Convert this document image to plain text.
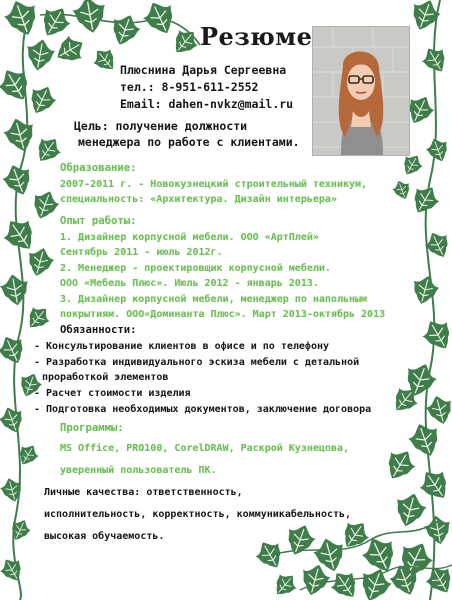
Резюме
Плюснина Дарья Сергеевна
тел.: 8-951-611-2552
Email: dahen-nvkz@mail.ru
Цель: получение должности
менеджера по работе с клиентами.
Образование:
2007-2011 г. - Новокузнецкий строительный техникум,
специальность: «Архитектура. Дизайн интерьера»
Опыт работы:
1. Дизайнер корпусной мебели. ООО «АртПлей»
Сентябрь 2011 - июль 2012г.
2. Менеджер - проектировщик корпусной мебели.
ООО «Мебель Плюс». Июль 2012 - январь 2013.
3. Дизайнер корпусной мебели, менеджер по напольным
покрытиям. ООО«Доминанта Плюс». Март 2013-октябрь 2013
Обязанности:
- Консультирование клиентов в офисе и по телефону
- Разработка индивидуального эскиза мебели с детальной
проработкой элементов
- Расчет стоимости изделия
- Подготовка необходимых документов, заключение договора
Программы:
MS Office, PRO100, CorelDRAW, Раскрой Кузнецова,
уверенный пользователь ПК.
Личные качества: ответственность,
исполнительность, корректность, коммуникабельность,
высокая обучаемость.
